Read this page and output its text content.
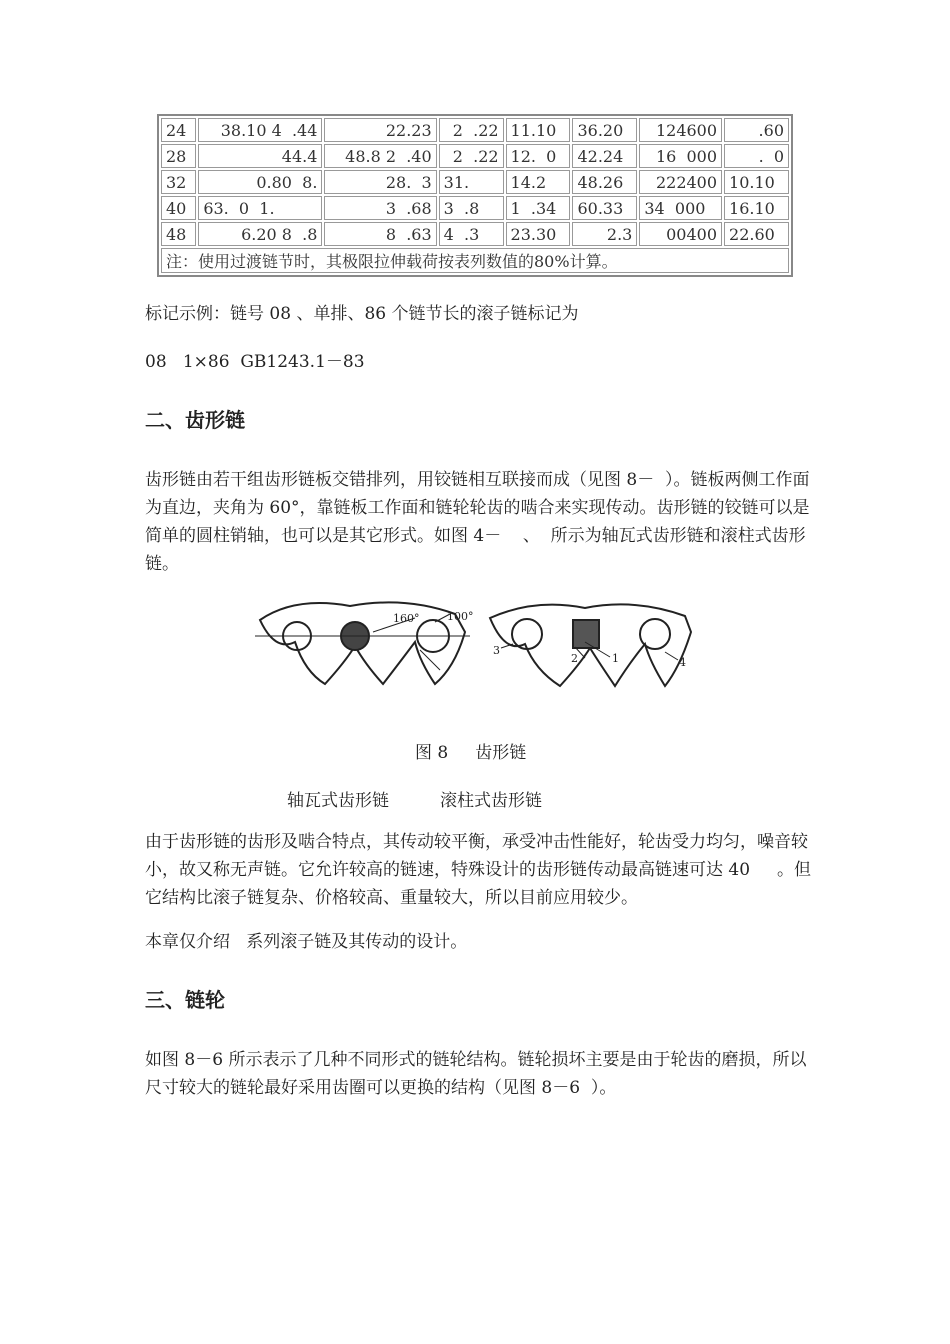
24	38.10 4  .44	22.23	2  .22	11.10	36.20	124600	.60
28	44.4	48.8 2  .40	2  .22	12.  0	42.24	16  000	.  0
32	0.80  8.	28.  3	31.	14.2	48.26	222400	10.10
40	63.  0  1.	3  .68	3  .8	1  .34	60.33	34  000	16.10
48	6.20 8  .8	8  .63	4  .3	23.30	2.3	00400	22.60
注：使用过渡链节时，其极限拉伸载荷按表列数值的80%计算。							

标记示例：链号 08 、单排、86 个链节长的滚子链标记为

08   1×86  GB1243.1－83

二、齿形链

齿形链由若干组齿形链板交错排列，用铰链相互联接而成（见图 8－  ）。链板两侧工作面为直边，夹角为 60°，靠链板工作面和链轮轮齿的啮合来实现传动。齿形链的铰链可以是简单的圆柱销轴，也可以是其它形式。如图 4－    、  所示为轴瓦式齿形链和滚柱式齿形链。

160°	100°
3
2	1	4
图 8     齿形链
轴瓦式齿形链	滚柱式齿形链

由于齿形链的齿形及啮合特点，其传动较平衡，承受冲击性能好，轮齿受力均匀，噪音较小，故又称无声链。它允许较高的链速，特殊设计的齿形链传动最高链速可达 40     。但它结构比滚子链复杂、价格较高、重量较大，所以目前应用较少。

本章仅介绍   系列滚子链及其传动的设计。

三、链轮

如图 8－6 所示表示了几种不同形式的链轮结构。链轮损坏主要是由于轮齿的磨损，所以尺寸较大的链轮最好采用齿圈可以更换的结构（见图 8－6  ）。
